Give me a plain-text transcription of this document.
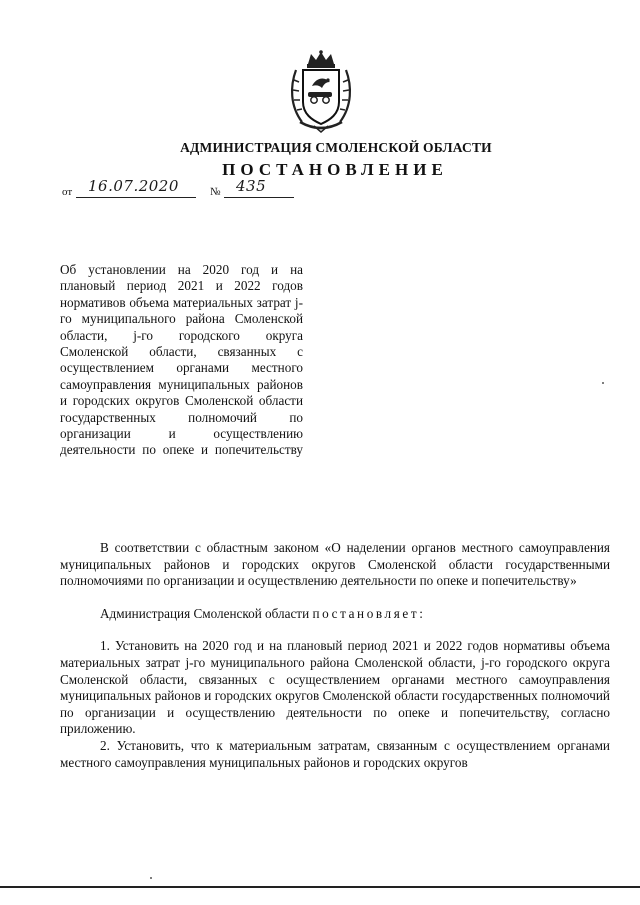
АДМИНИСТРАЦИЯ СМОЛЕНСКОЙ ОБЛАСТИ
ПОСТАНОВЛЕНИЕ
от 16.07.2020	№ 435

Об установлении на 2020 год и на плановый период 2021 и 2022 годов нормативов объема материальных затрат j-го муниципального района Смоленской области, j-го городского округа Смоленской области, связанных с осуществлением органами местного самоуправления муниципальных районов и городских округов Смоленской области государственных полномочий по организации и осуществлению деятельности по опеке и попечительству

В соответствии с областным законом «О наделении органов местного самоуправления муниципальных районов и городских округов Смоленской области государственными полномочиями по организации и осуществлению деятельности по опеке и попечительству»

Администрация Смоленской области постановляет:

1. Установить на 2020 год и на плановый период 2021 и 2022 годов нормативы объема материальных затрат j-го муниципального района Смоленской области, j-го городского округа Смоленской области, связанных с осуществлением органами местного самоуправления муниципальных районов и городских округов Смоленской области государственных полномочий по организации и осуществлению деятельности по опеке и попечительству, согласно приложению.

2. Установить, что к материальным затратам, связанным с осуществлением органами местного самоуправления муниципальных районов и городских округов
